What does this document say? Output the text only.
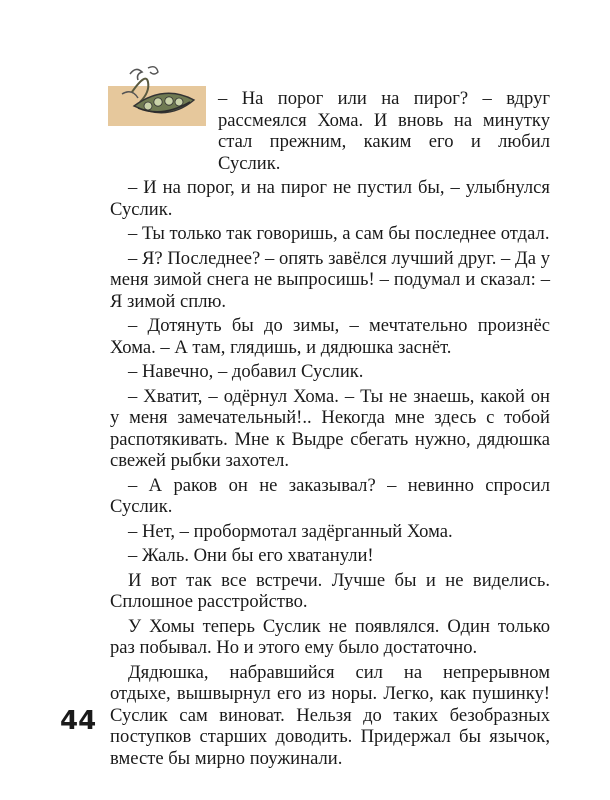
– На порог или на пирог? – вдруг рассмеялся Хома. И вновь на минутку стал прежним, каким его и любил Суслик.

– И на порог, и на пирог не пустил бы, – улыбнулся Суслик.

– Ты только так говоришь, а сам бы последнее отдал.

– Я? Последнее? – опять завёлся лучший друг. – Да у меня зимой снега не выпросишь! – подумал и сказал: – Я зимой сплю.

– Дотянуть бы до зимы, – мечтательно произнёс Хома. – А там, глядишь, и дядюшка заснёт.

– Навечно, – добавил Суслик.

– Хватит, – одёрнул Хома. – Ты не знаешь, какой он у меня замечательный!.. Некогда мне здесь с тобой распотякивать. Мне к Выдре сбегать нужно, дядюшка свежей рыбки захотел.

– А раков он не заказывал? – невинно спросил Суслик.

– Нет, – пробормотал задёрганный Хома.

– Жаль. Они бы его хватанули!

И вот так все встречи. Лучше бы и не виделись. Сплошное расстройство.

У Хомы теперь Суслик не появлялся. Один только раз побывал. Но и этого ему было достаточно.

Дядюшка, набравшийся сил на непрерывном отдыхе, вышвырнул его из норы. Легко, как пушинку! Суслик сам виноват. Нельзя до таких безобразных поступков старших доводить. Придержал бы язычок, вместе бы мирно поужинали.

44
